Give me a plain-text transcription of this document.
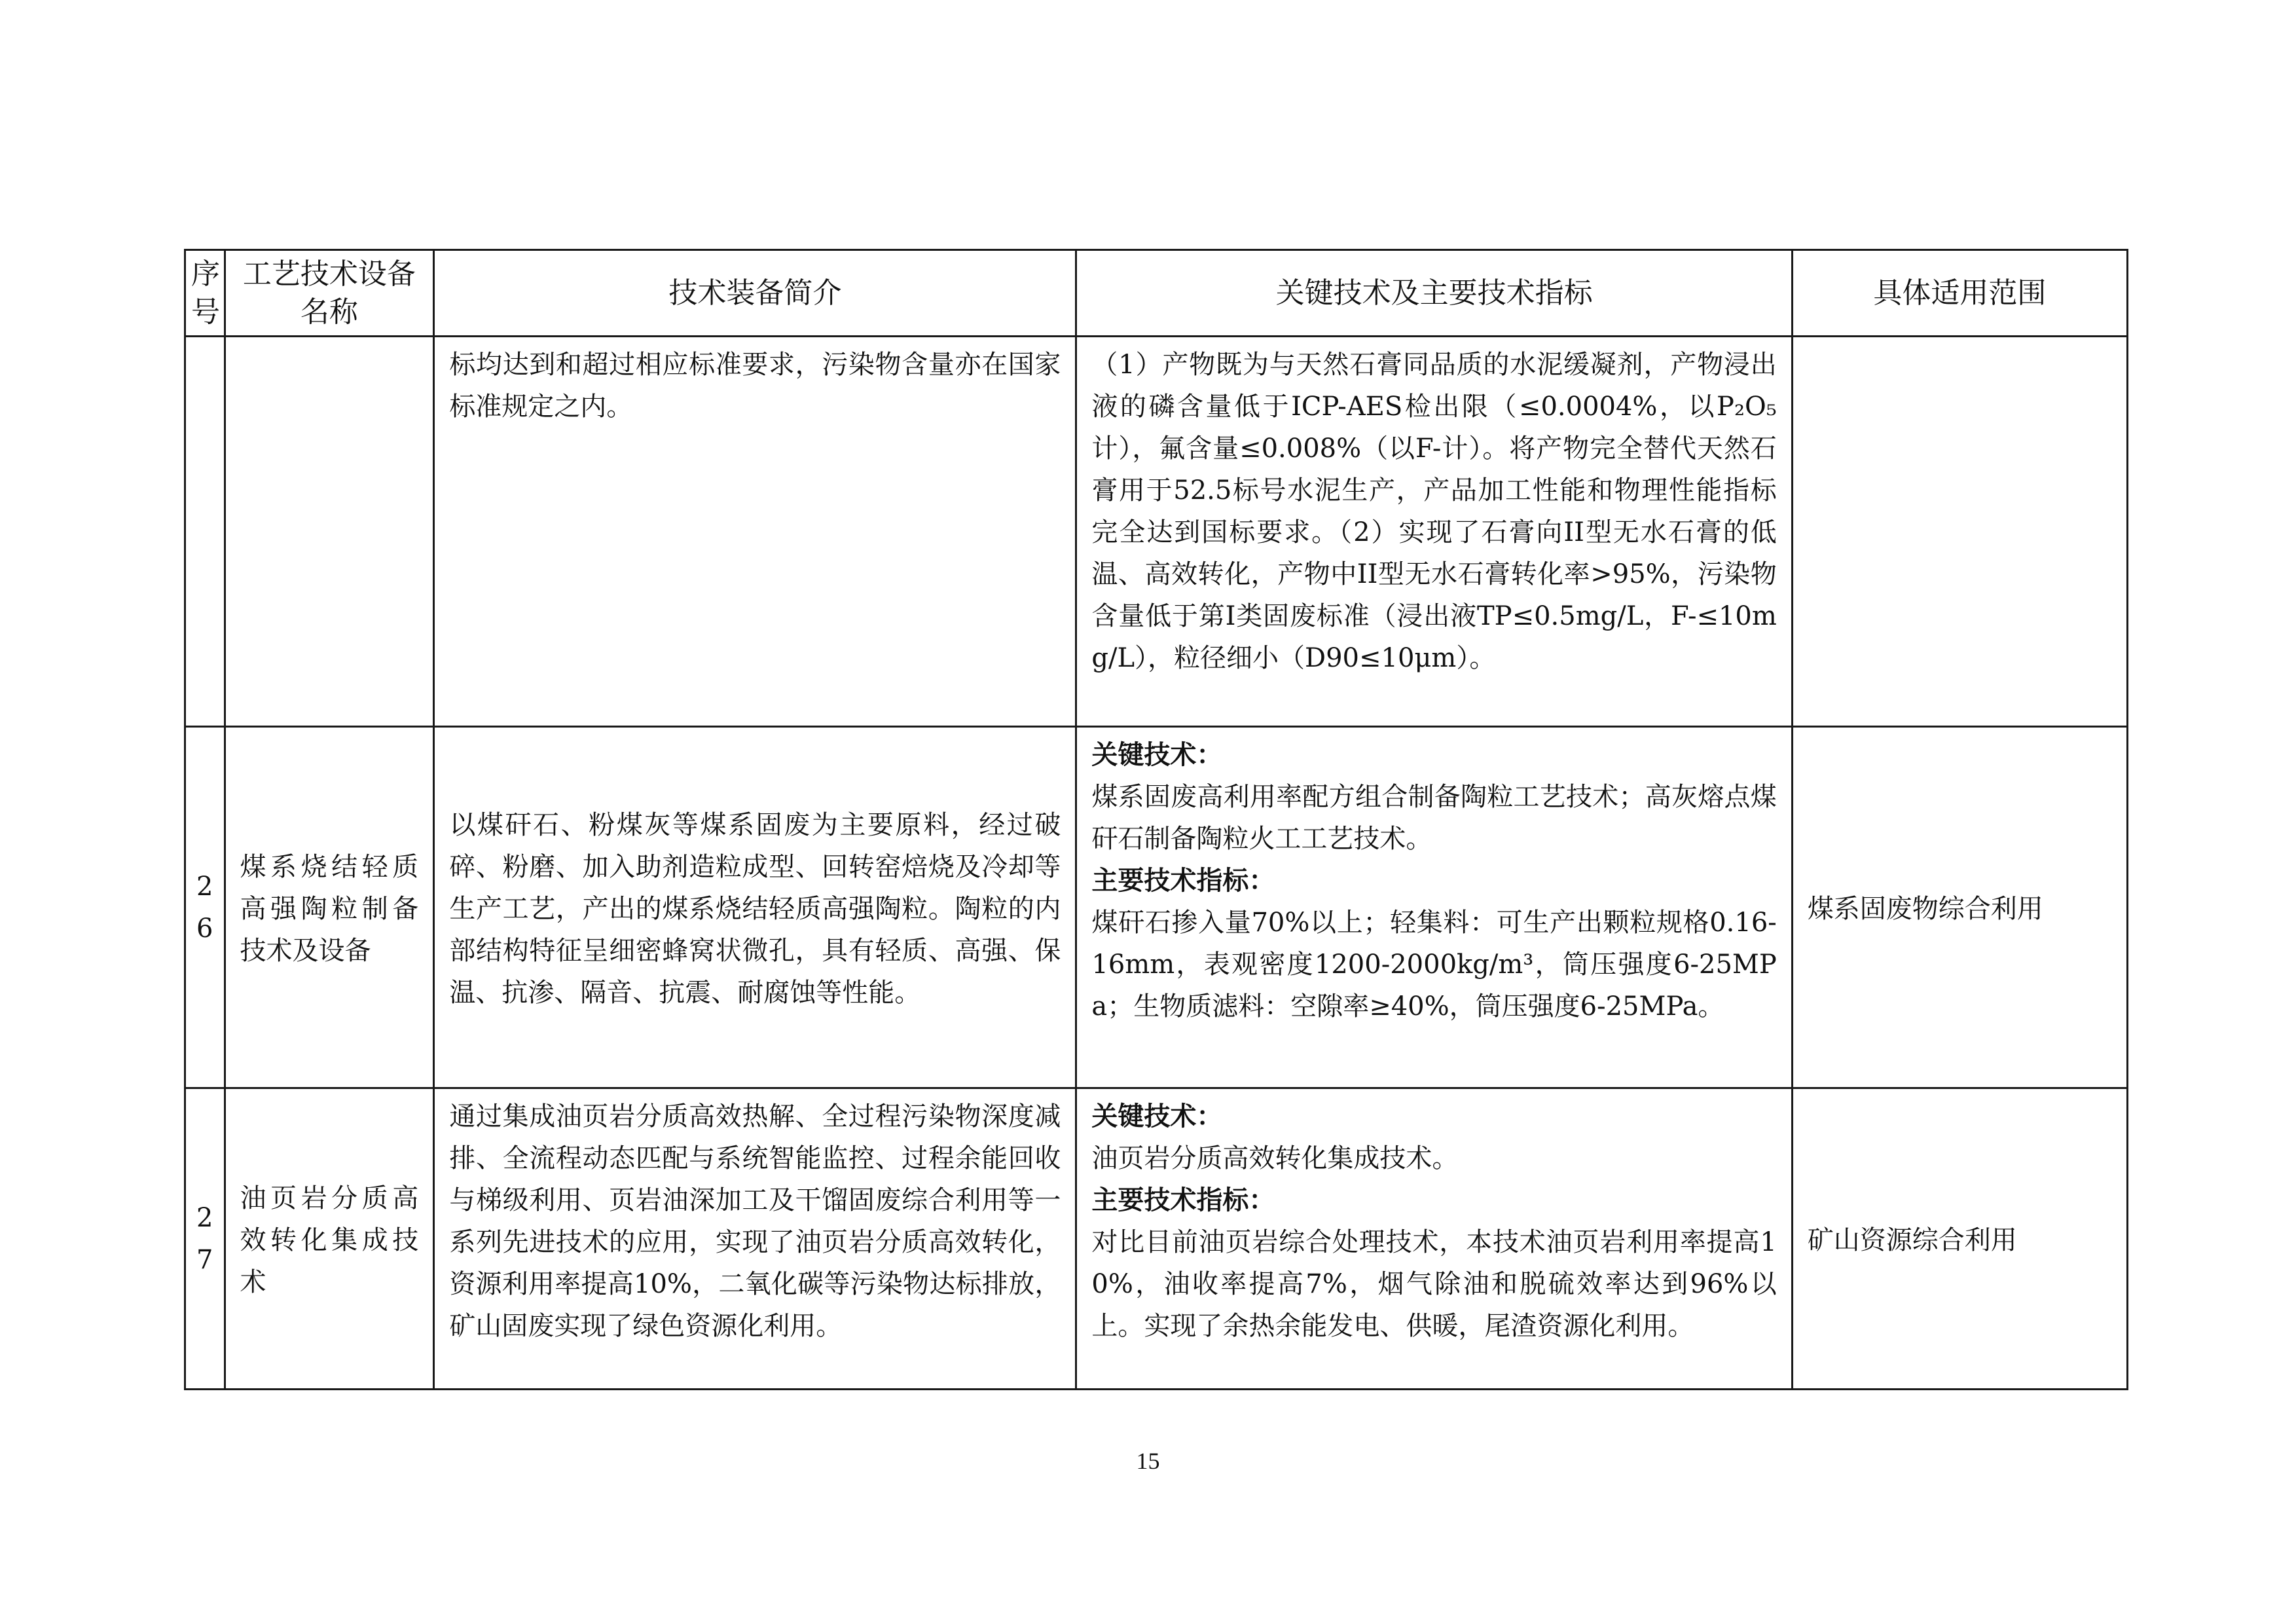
序号	工艺技术设备名称	技术装备简介	关键技术及主要技术指标	具体适用范围
		标均达到和超过相应标准要求，污染物含量亦在国家标准规定之内。	（1）产物既为与天然石膏同品质的水泥缓凝剂，产物浸出液的磷含量低于ICP-AES检出限（≤0.0004%，以P₂O₅计），氟含量≤0.008%（以F-计）。将产物完全替代天然石膏用于52.5标号水泥生产，产品加工性能和物理性能指标完全达到国标要求。（2）实现了石膏向II型无水石膏的低温、高效转化，产物中II型无水石膏转化率>95%，污染物含量低于第I类固废标准（浸出液TP≤0.5mg/L，F-≤10mg/L），粒径细小（D90≤10μm）。	
26	煤系烧结轻质高强陶粒制备技术及设备	以煤矸石、粉煤灰等煤系固废为主要原料，经过破碎、粉磨、加入助剂造粒成型、回转窑焙烧及冷却等生产工艺，产出的煤系烧结轻质高强陶粒。陶粒的内部结构特征呈细密蜂窝状微孔，具有轻质、高强、保温、抗渗、隔音、抗震、耐腐蚀等性能。	关键技术：
煤系固废高利用率配方组合制备陶粒工艺技术；高灰熔点煤矸石制备陶粒火工工艺技术。
主要技术指标：
煤矸石掺入量70%以上；轻集料：可生产出颗粒规格0.16-16mm，表观密度1200-2000kg/m³，筒压强度6-25MPa；生物质滤料：空隙率≥40%，筒压强度6-25MPa。	煤系固废物综合利用
27	油页岩分质高效转化集成技术	通过集成油页岩分质高效热解、全过程污染物深度减排、全流程动态匹配与系统智能监控、过程余能回收与梯级利用、页岩油深加工及干馏固废综合利用等一系列先进技术的应用，实现了油页岩分质高效转化，资源利用率提高10%，二氧化碳等污染物达标排放，矿山固废实现了绿色资源化利用。	关键技术：
油页岩分质高效转化集成技术。
主要技术指标：
对比目前油页岩综合处理技术，本技术油页岩利用率提高10%，油收率提高7%，烟气除油和脱硫效率达到96%以上。实现了余热余能发电、供暖，尾渣资源化利用。	矿山资源综合利用
15
